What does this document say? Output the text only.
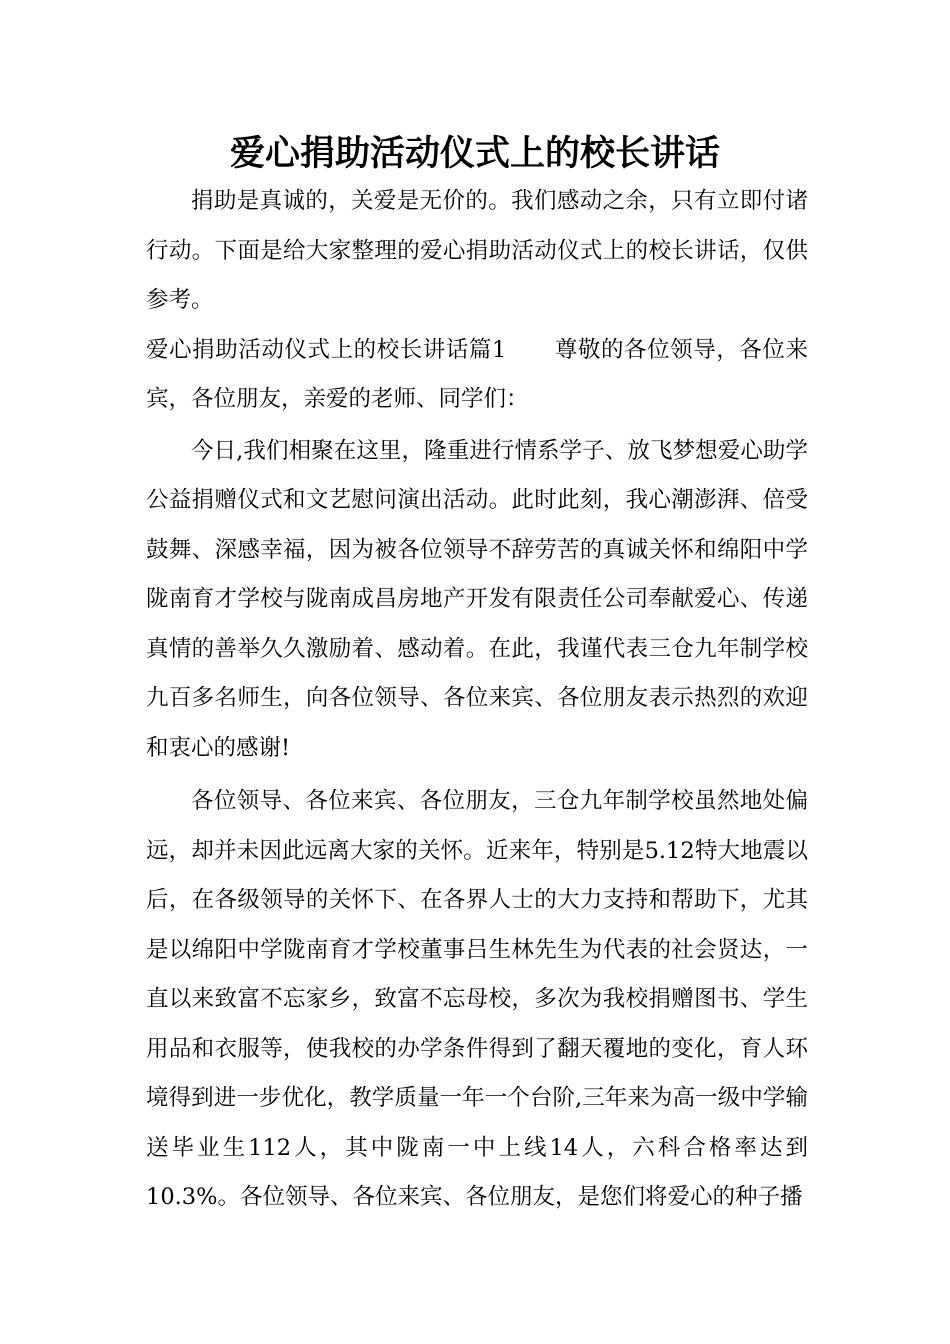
爱心捐助活动仪式上的校长讲话

捐助是真诚的，关爱是无价的。我们感动之余，只有立即付诸行动。下面是给大家整理的爱心捐助活动仪式上的校长讲话，仅供参考。

爱心捐助活动仪式上的校长讲话篇1 尊敬的各位领导，各位来宾，各位朋友，亲爱的老师、同学们：

今日,我们相聚在这里，隆重进行情系学子、放飞梦想爱心助学公益捐赠仪式和文艺慰问演出活动。此时此刻，我心潮澎湃、倍受鼓舞、深感幸福，因为被各位领导不辞劳苦的真诚关怀和绵阳中学陇南育才学校与陇南成昌房地产开发有限责任公司奉献爱心、传递真情的善举久久激励着、感动着。在此，我谨代表三仓九年制学校九百多名师生，向各位领导、各位来宾、各位朋友表示热烈的欢迎和衷心的感谢!

各位领导、各位来宾、各位朋友，三仓九年制学校虽然地处偏远，却并未因此远离大家的关怀。近来年，特别是5.12特大地震以后，在各级领导的关怀下、在各界人士的大力支持和帮助下，尤其是以绵阳中学陇南育才学校董事吕生林先生为代表的社会贤达，一直以来致富不忘家乡，致富不忘母校，多次为我校捐赠图书、学生用品和衣服等，使我校的办学条件得到了翻天覆地的变化，育人环境得到进一步优化，教学质量一年一个台阶,三年来为高一级中学输送毕业生112人，其中陇南一中上线14人，六科合格率达到10.3%。各位领导、各位来宾、各位朋友，是您们将爱心的种子播
